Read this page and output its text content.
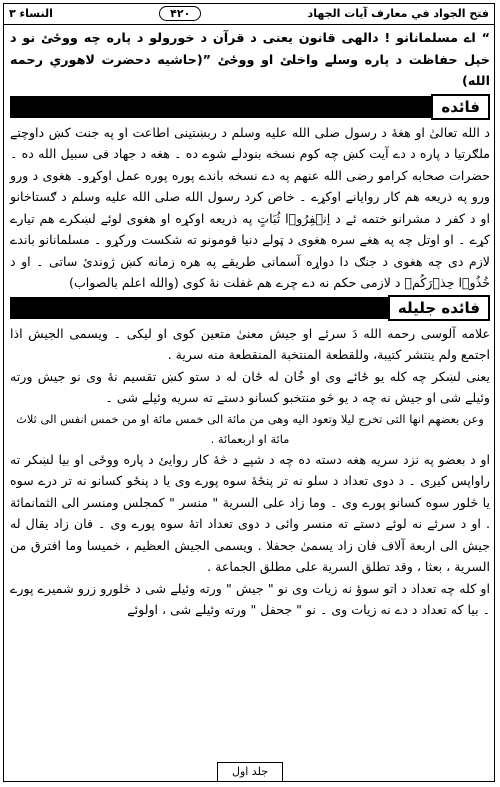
فتح الجواد في معارف آيات الجهاد
۴۲۰
النساء ۳

“ اے مسلمانانو ! دالهى قانون يعنى د قرآن د خورولو د پاره چه ووځئ نو د خپل حفاظت د پاره وسلے واخلئ او ووځئ ”(حاشيه دحضرت لاهوري رحمه الله)

فائده

د الله تعالیٰ او هغهٔ د رسول صلی الله علیه وسلم د ربښتینی اطاعت او په جنت کښ داوچتے ملګرتیا د پاره د دے آیت کښ چه کوم نسخه بنودلے شوے ده ۔ هغه د جهاد فی سبیل الله ده ۔ حضرات صحابه کرامو رضی الله عنهم په دے نسخه باندے پوره پوره عمل اوکړو۔ هغوی د ورو ورو په ذریعه هم کار روایانے اوکړے ۔ خاص کرد رسول الله صلی الله علیه وسلم د ګستاخانو او د کفر د مشرانو ختمه ئے د اِنۡفِرُوۡا ثُبَاتٍ په ذریعه اوکړه او هغوی لوئے لښکرے هم تیارے کړے ۔ او اوتل چه په هغے سره هغوی د ټولے دنیا قومونو ته شکست ورکړو ۔ مسلمانانو باندے لازم دی چه هغوی د جنګ دا دواړه آسمانی طریقے په هره زمانه کښ ژوندئ ساتی ۔ او د خُذُوۡا حِذۡرَکُمۡ د لازمی حکم نه دے چرے هم غفلت نهٔ کوی (والله اعلم بالصواب)

فائده جليله

علامه آلوسی رحمه الله دَ سرئے او جیش معنیٰ متعین کوی او لیکی ۔ ویسمی الجیش اذا اجتمع ولم ینتشر کتیبة، وللقطعة المنتخبة المنقطعة منه سرية .

یعنی لښکر چه کله یو ځائے وی او خُان له ځان له د ستو کښ تقسیم نهٔ وی نو جیش ورته وئیلے شی او جیش نه چه د یو څو منتخبو کسانو دستے ته سریه وئیلے شی ۔

وعن بعضهم انها التى تخرج ليلا وتعود اليه وهى من مائة الى خمس مائة او من خمس انفس الى ثلاث مائة او اربعمائة .

او د بعضو په نزد سریه هغه دسته ده چه د شپے د څهٔ کار روایئ د پاره ووځی او بیا لښکر ته راواپس کیږی ۔ د دوی تعداد د سلو نه تر پنځهٔ سوه پورے وی یا د پنځو کسانو نه تر درے سوه یا څلور سوه کسانو پورے وی ۔ وما زاد على السرية " منسر " کمجلس ومنسر الى الثمانمائة . او د سرئے نه لوئے دستے ته منسر وائی د دوی تعداد اتهٔ سوه پورے وی ۔ فان زاد يقال له جيش الى اربعة آلاف فان زاد يسمیٰ جحفلا . ويسمى الجيش العظيم ، خميسا وما افترق من السرية ، بعثا ، وقد تطلق السرية على مطلق الجماعة .

او کله چه تعداد د اتو سوؤ نه زیات وی نو " جیش " ورته وئیلے شی د څلورو زرو شمیرے پورے ۔ بیا که تعداد د دے نه زیات وی ۔ نو " جحفل " ورته وئیلے شی ، اولوئے

جلد اول
